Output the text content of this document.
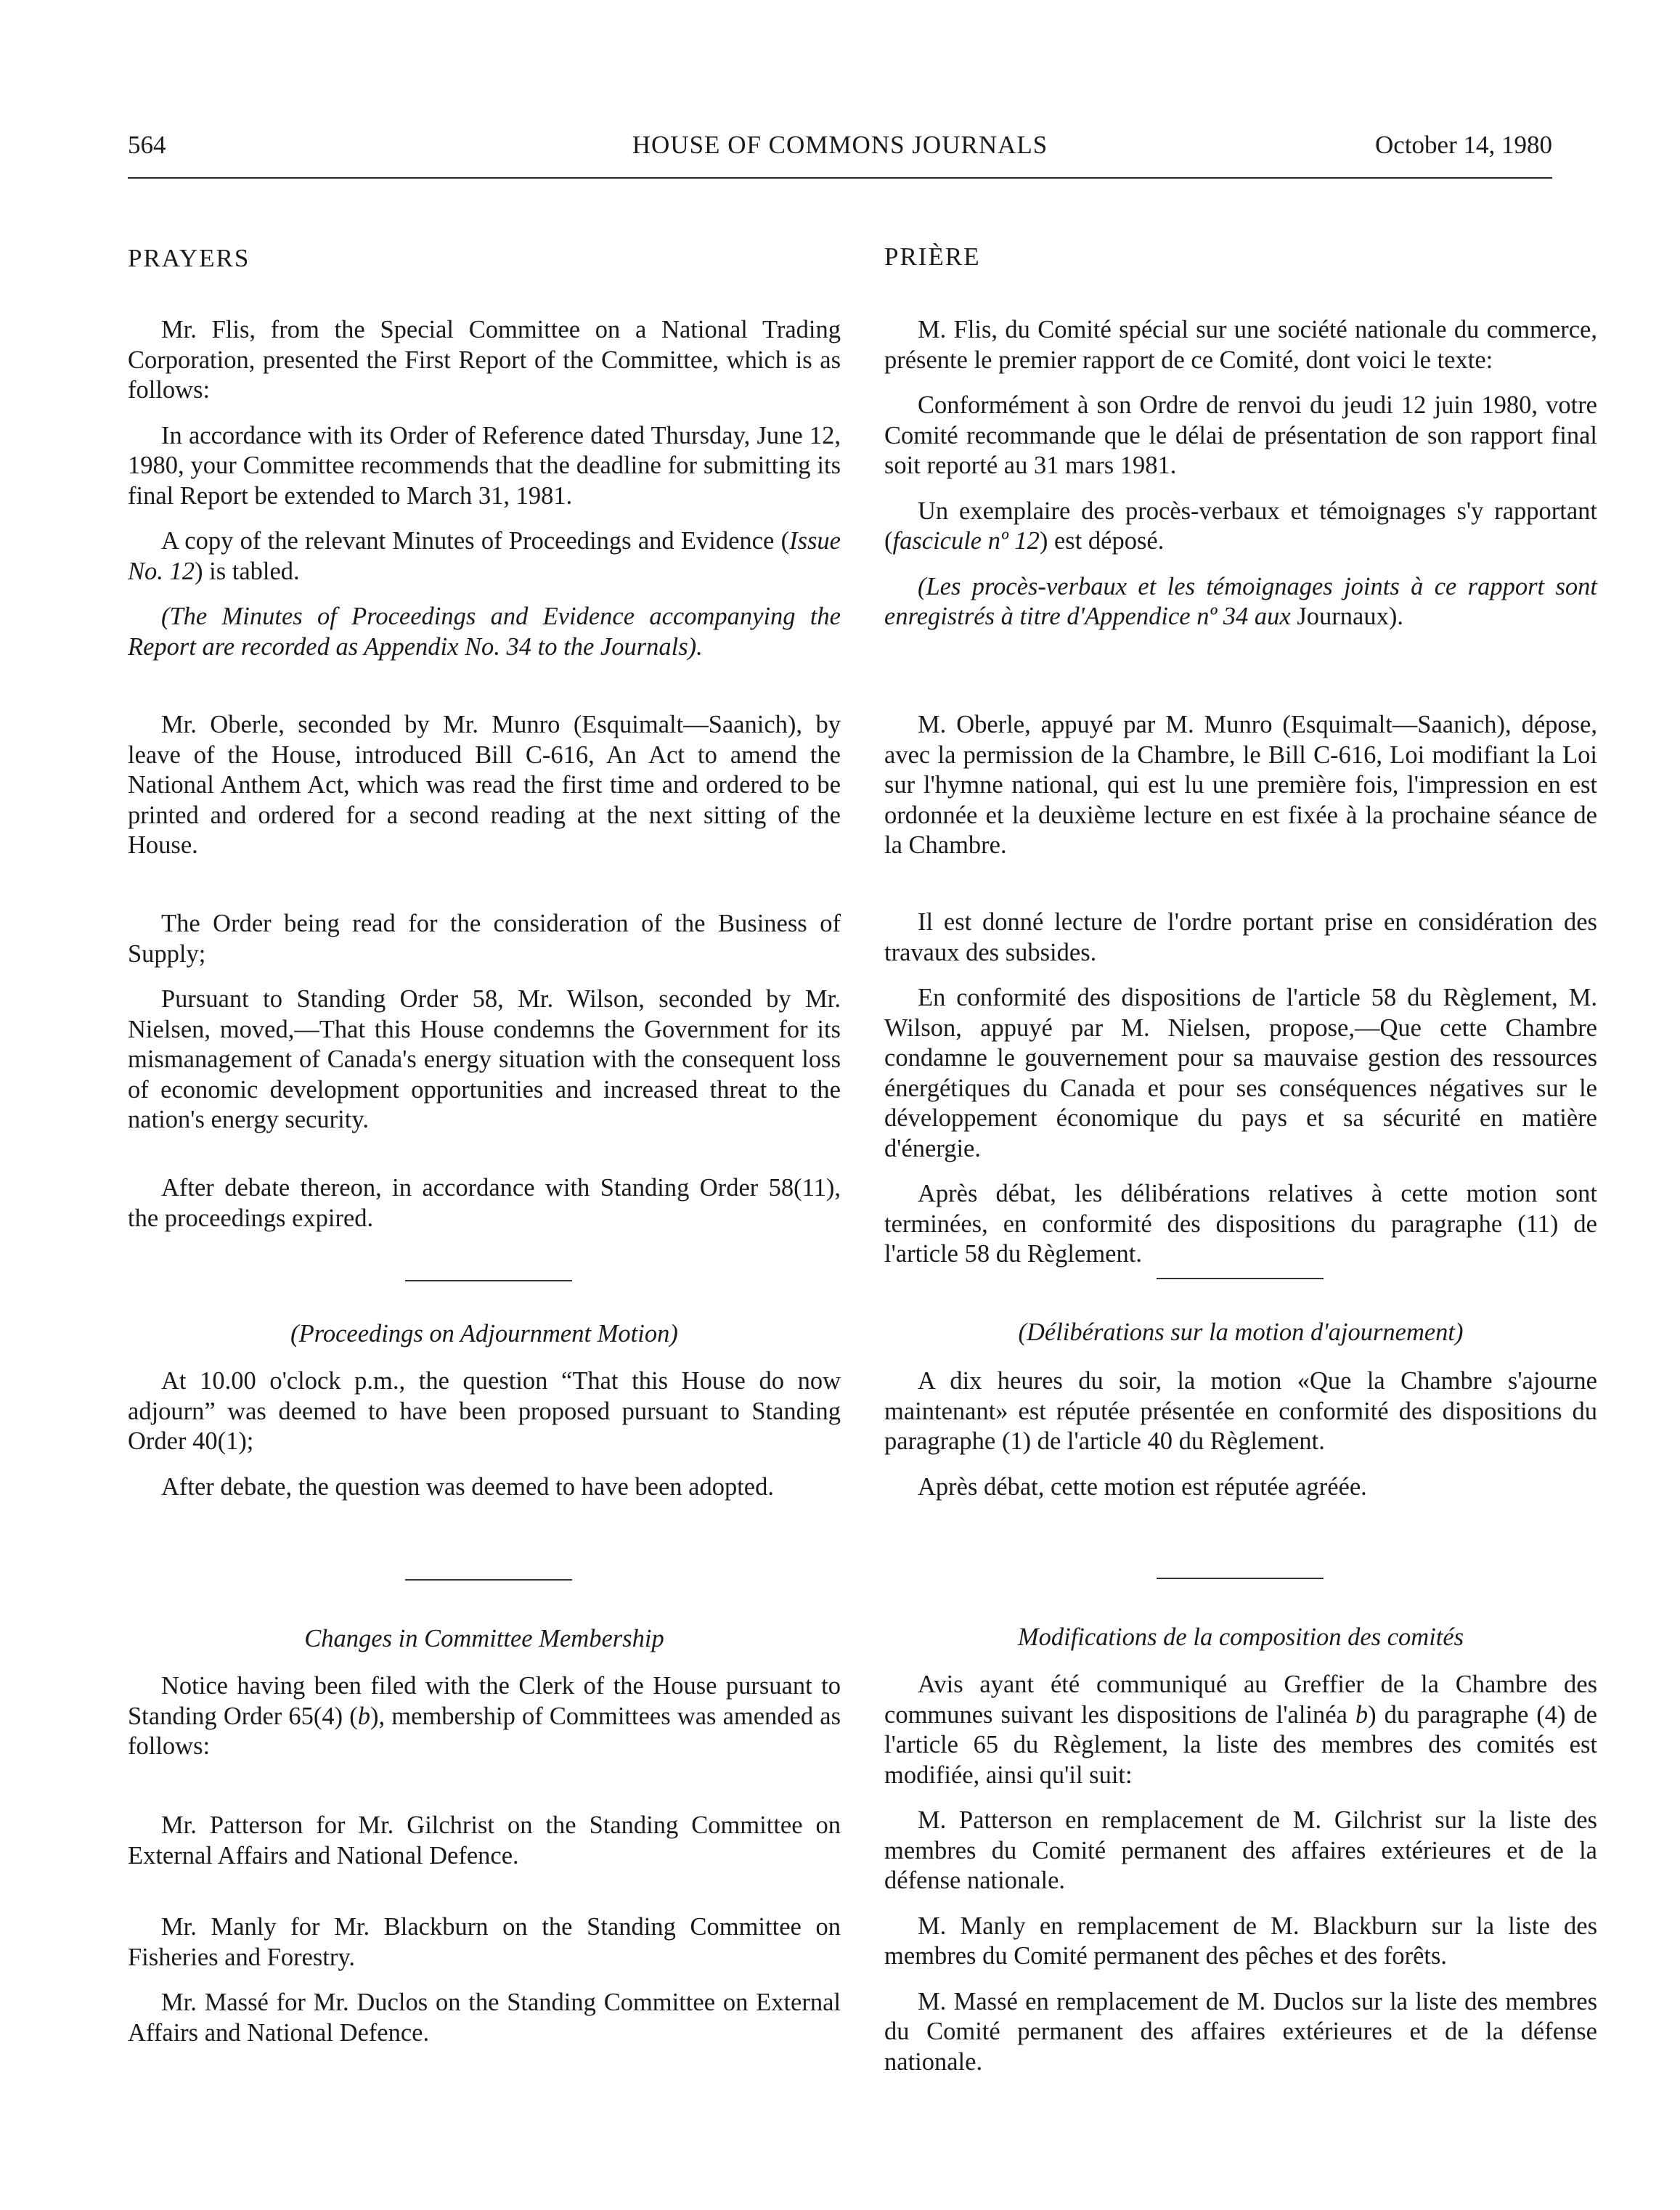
564	HOUSE OF COMMONS JOURNALS	October 14, 1980
PRAYERS

Mr. Flis, from the Special Committee on a National Trading Corporation, presented the First Report of the Committee, which is as follows:

In accordance with its Order of Reference dated Thursday, June 12, 1980, your Committee recommends that the deadline for submitting its final Report be extended to March 31, 1981.

A copy of the relevant Minutes of Proceedings and Evidence (Issue No. 12) is tabled.

(The Minutes of Proceedings and Evidence accompanying the Report are recorded as Appendix No. 34 to the Journals).

Mr. Oberle, seconded by Mr. Munro (Esquimalt—Saanich), by leave of the House, introduced Bill C-616, An Act to amend the National Anthem Act, which was read the first time and ordered to be printed and ordered for a second reading at the next sitting of the House.

The Order being read for the consideration of the Business of Supply;

Pursuant to Standing Order 58, Mr. Wilson, seconded by Mr. Nielsen, moved,—That this House condemns the Government for its mismanagement of Canada's energy situation with the consequent loss of economic development opportunities and increased threat to the nation's energy security.

After debate thereon, in accordance with Standing Order 58(11), the proceedings expired.

(Proceedings on Adjournment Motion)

At 10.00 o'clock p.m., the question “That this House do now adjourn” was deemed to have been proposed pursuant to Standing Order 40(1);

After debate, the question was deemed to have been adopted.

Changes in Committee Membership

Notice having been filed with the Clerk of the House pursuant to Standing Order 65(4) (b), membership of Committees was amended as follows:

Mr. Patterson for Mr. Gilchrist on the Standing Committee on External Affairs and National Defence.

Mr. Manly for Mr. Blackburn on the Standing Committee on Fisheries and Forestry.

Mr. Massé for Mr. Duclos on the Standing Committee on External Affairs and National Defence.

PRIÈRE

M. Flis, du Comité spécial sur une société nationale du commerce, présente le premier rapport de ce Comité, dont voici le texte:

Conformément à son Ordre de renvoi du jeudi 12 juin 1980, votre Comité recommande que le délai de présentation de son rapport final soit reporté au 31 mars 1981.

Un exemplaire des procès-verbaux et témoignages s'y rapportant (fascicule nº 12) est déposé.

(Les procès-verbaux et les témoignages joints à ce rapport sont enregistrés à titre d'Appendice nº 34 aux Journaux).

M. Oberle, appuyé par M. Munro (Esquimalt—Saanich), dépose, avec la permission de la Chambre, le Bill C-616, Loi modifiant la Loi sur l'hymne national, qui est lu une première fois, l'impression en est ordonnée et la deuxième lecture en est fixée à la prochaine séance de la Chambre.

Il est donné lecture de l'ordre portant prise en considération des travaux des subsides.

En conformité des dispositions de l'article 58 du Règlement, M. Wilson, appuyé par M. Nielsen, propose,—Que cette Chambre condamne le gouvernement pour sa mauvaise gestion des ressources énergétiques du Canada et pour ses conséquences négatives sur le développement économique du pays et sa sécurité en matière d'énergie.

Après débat, les délibérations relatives à cette motion sont terminées, en conformité des dispositions du paragraphe (11) de l'article 58 du Règlement.

(Délibérations sur la motion d'ajournement)

A dix heures du soir, la motion «Que la Chambre s'ajourne maintenant» est réputée présentée en conformité des dispositions du paragraphe (1) de l'article 40 du Règlement.

Après débat, cette motion est réputée agréée.

Modifications de la composition des comités

Avis ayant été communiqué au Greffier de la Chambre des communes suivant les dispositions de l'alinéa b) du paragraphe (4) de l'article 65 du Règlement, la liste des membres des comités est modifiée, ainsi qu'il suit:

M. Patterson en remplacement de M. Gilchrist sur la liste des membres du Comité permanent des affaires extérieures et de la défense nationale.

M. Manly en remplacement de M. Blackburn sur la liste des membres du Comité permanent des pêches et des forêts.

M. Massé en remplacement de M. Duclos sur la liste des membres du Comité permanent des affaires extérieures et de la défense nationale.
